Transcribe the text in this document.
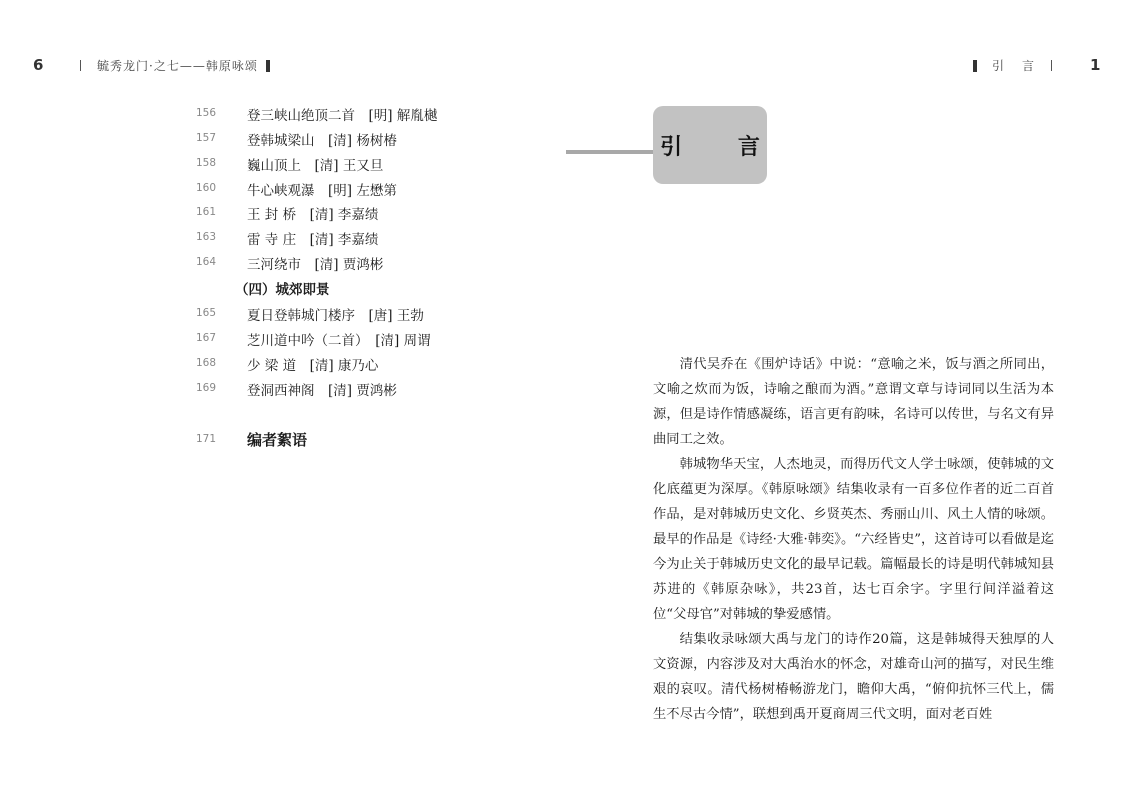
6	毓秀龙门·之七——韩原咏颂	引　言	1
156	登三峡山绝顶二首　[明] 解胤樾
157	登韩城梁山　[清] 杨树椿
158	巍山顶上　[清] 王又旦
160	牛心峡观瀑　[明] 左懋第
161	王 封 桥　[清] 李嘉绩
163	雷 寺 庄　[清] 李嘉绩
164	三河绕市　[清] 贾鸿彬
（四）城郊即景
165	夏日登韩城门楼序　[唐] 王勃
167	芝川道中吟（二首）　[清] 周谓
168	少 梁 道　[清] 康乃心
169	登洞西神阁　[清] 贾鸿彬
171	编者絮语
引 言

清代吴乔在《围炉诗话》中说：“意喻之米，饭与酒之所同出，文喻之炊而为饭，诗喻之酿而为酒。”意谓文章与诗词同以生活为本源，但是诗作情感凝练，语言更有韵味，名诗可以传世，与名文有异曲同工之效。

韩城物华天宝，人杰地灵，而得历代文人学士咏颂，使韩城的文化底蕴更为深厚。《韩原咏颂》结集收录有一百多位作者的近二百首作品，是对韩城历史文化、乡贤英杰、秀丽山川、风土人情的咏颂。最早的作品是《诗经·大雅·韩奕》。“六经皆史”，这首诗可以看做是迄今为止关于韩城历史文化的最早记载。篇幅最长的诗是明代韩城知县苏进的《韩原杂咏》，共23首，达七百余字。字里行间洋溢着这位“父母官”对韩城的挚爱感情。

结集收录咏颂大禹与龙门的诗作20篇，这是韩城得天独厚的人文资源，内容涉及对大禹治水的怀念，对雄奇山河的描写，对民生维艰的哀叹。清代杨树椿畅游龙门，瞻仰大禹，“俯仰抗怀三代上，儒生不尽古今情”，联想到禹开夏商周三代文明，面对老百姓
